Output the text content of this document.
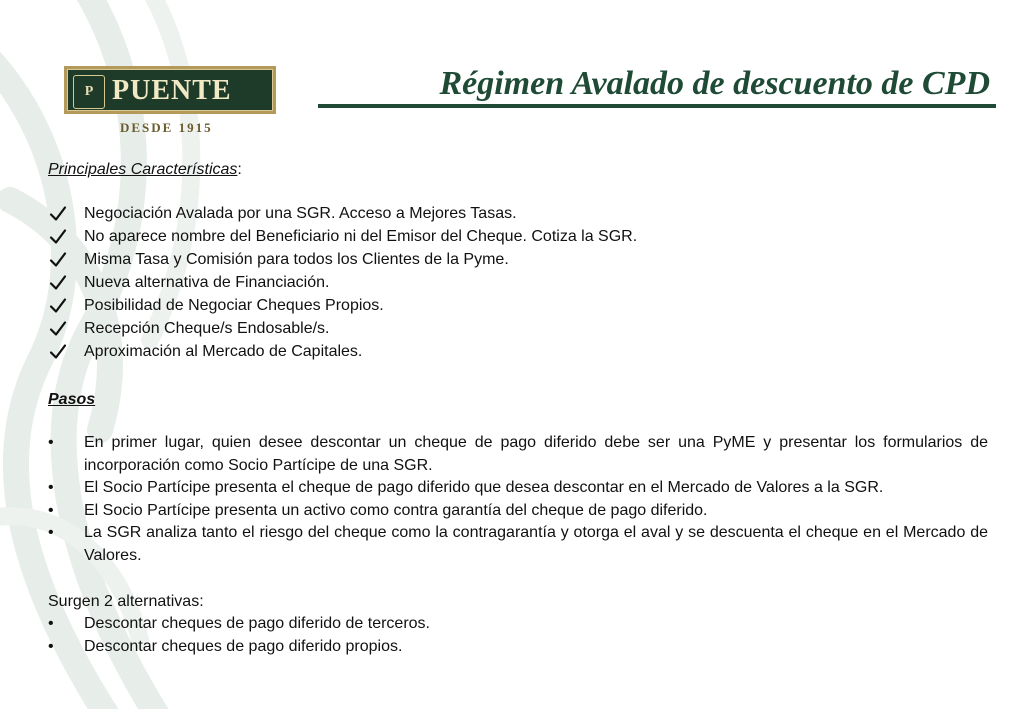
P PUENTE
DESDE 1915
Régimen Avalado de descuento de CPD
Principales Características:
Negociación Avalada por una SGR. Acceso a Mejores Tasas.
No aparece nombre del Beneficiario ni del Emisor del Cheque. Cotiza la SGR.
Misma Tasa y Comisión para todos los Clientes de la Pyme.
Nueva alternativa de Financiación.
Posibilidad de Negociar Cheques Propios.
Recepción Cheque/s Endosable/s.
Aproximación al Mercado de Capitales.
Pasos
•	En primer lugar, quien desee descontar un cheque de pago diferido debe ser una PyME y presentar los formularios de incorporación como Socio Partícipe de una SGR.
•	El Socio Partícipe presenta el cheque de pago diferido que desea descontar en el Mercado de Valores a la SGR.
•	El Socio Partícipe presenta un activo como contra garantía del cheque de pago diferido.
•	La SGR analiza tanto el riesgo del cheque como la contragarantía y otorga el aval y se descuenta el cheque en el Mercado de Valores.
Surgen 2 alternativas:
•	Descontar cheques de pago diferido de terceros.
•	Descontar cheques de pago diferido propios.
